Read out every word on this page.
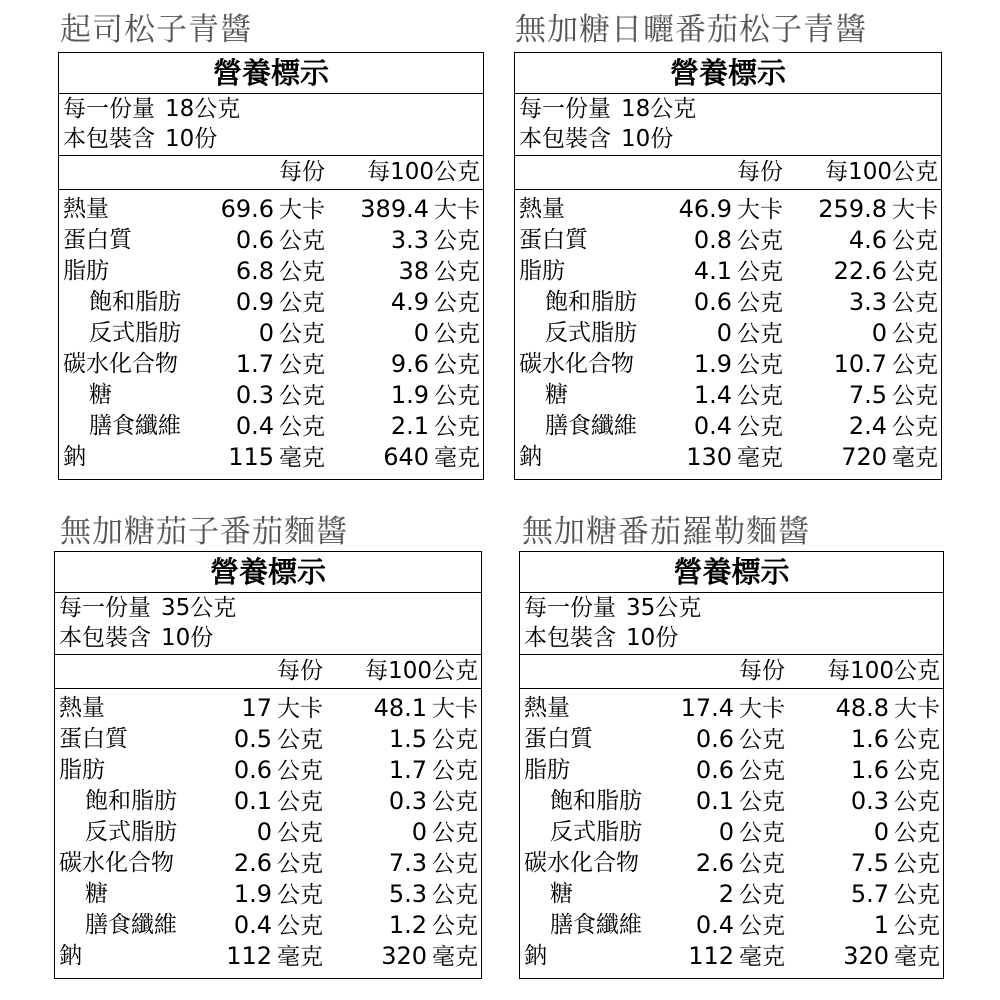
起司松子青醬
營養標示
每一份量 18公克
本包裝含 10份
每份 每100公克
熱量	69.6 大卡 389.4 大卡
蛋白質	0.6 公克	3.3 公克
脂肪	6.8 公克	38 公克
飽和脂肪 0.9 公克	4.9 公克
反式脂肪	0 公克	0 公克
碳水化合物 1.7 公克	9.6 公克
糖	0.3 公克	1.9 公克
膳食纖維 0.4 公克	2.1 公克
鈉	115 毫克 640 毫克
無加糖日曬番茄松子青醬
營養標示
每一份量 18公克
本包裝含 10份
每份 每100公克
熱量	46.9 大卡 259.8 大卡
蛋白質	0.8 公克	4.6 公克
脂肪	4.1 公克 22.6 公克
飽和脂肪 0.6 公克	3.3 公克
反式脂肪	0 公克	0 公克
碳水化合物 1.9 公克 10.7 公克
糖	1.4 公克	7.5 公克
膳食纖維 0.4 公克	2.4 公克
鈉	130 毫克 720 毫克
無加糖茄子番茄麵醬
營養標示
每一份量 35公克
本包裝含 10份
每份 每100公克
熱量	17 大卡 48.1 大卡
蛋白質	0.5 公克	1.5 公克
脂肪	0.6 公克	1.7 公克
飽和脂肪 0.1 公克	0.3 公克
反式脂肪	0 公克	0 公克
碳水化合物 2.6 公克	7.3 公克
糖	1.9 公克	5.3 公克
膳食纖維 0.4 公克	1.2 公克
鈉	112 毫克 320 毫克
無加糖番茄羅勒麵醬
營養標示
每一份量 35公克
本包裝含 10份
每份 每100公克
熱量	17.4 大卡 48.8 大卡
蛋白質	0.6 公克	1.6 公克
脂肪	0.6 公克	1.6 公克
飽和脂肪 0.1 公克	0.3 公克
反式脂肪	0 公克	0 公克
碳水化合物 2.6 公克	7.5 公克
糖	2 公克	5.7 公克
膳食纖維 0.4 公克	1 公克
鈉	112 毫克 320 毫克
